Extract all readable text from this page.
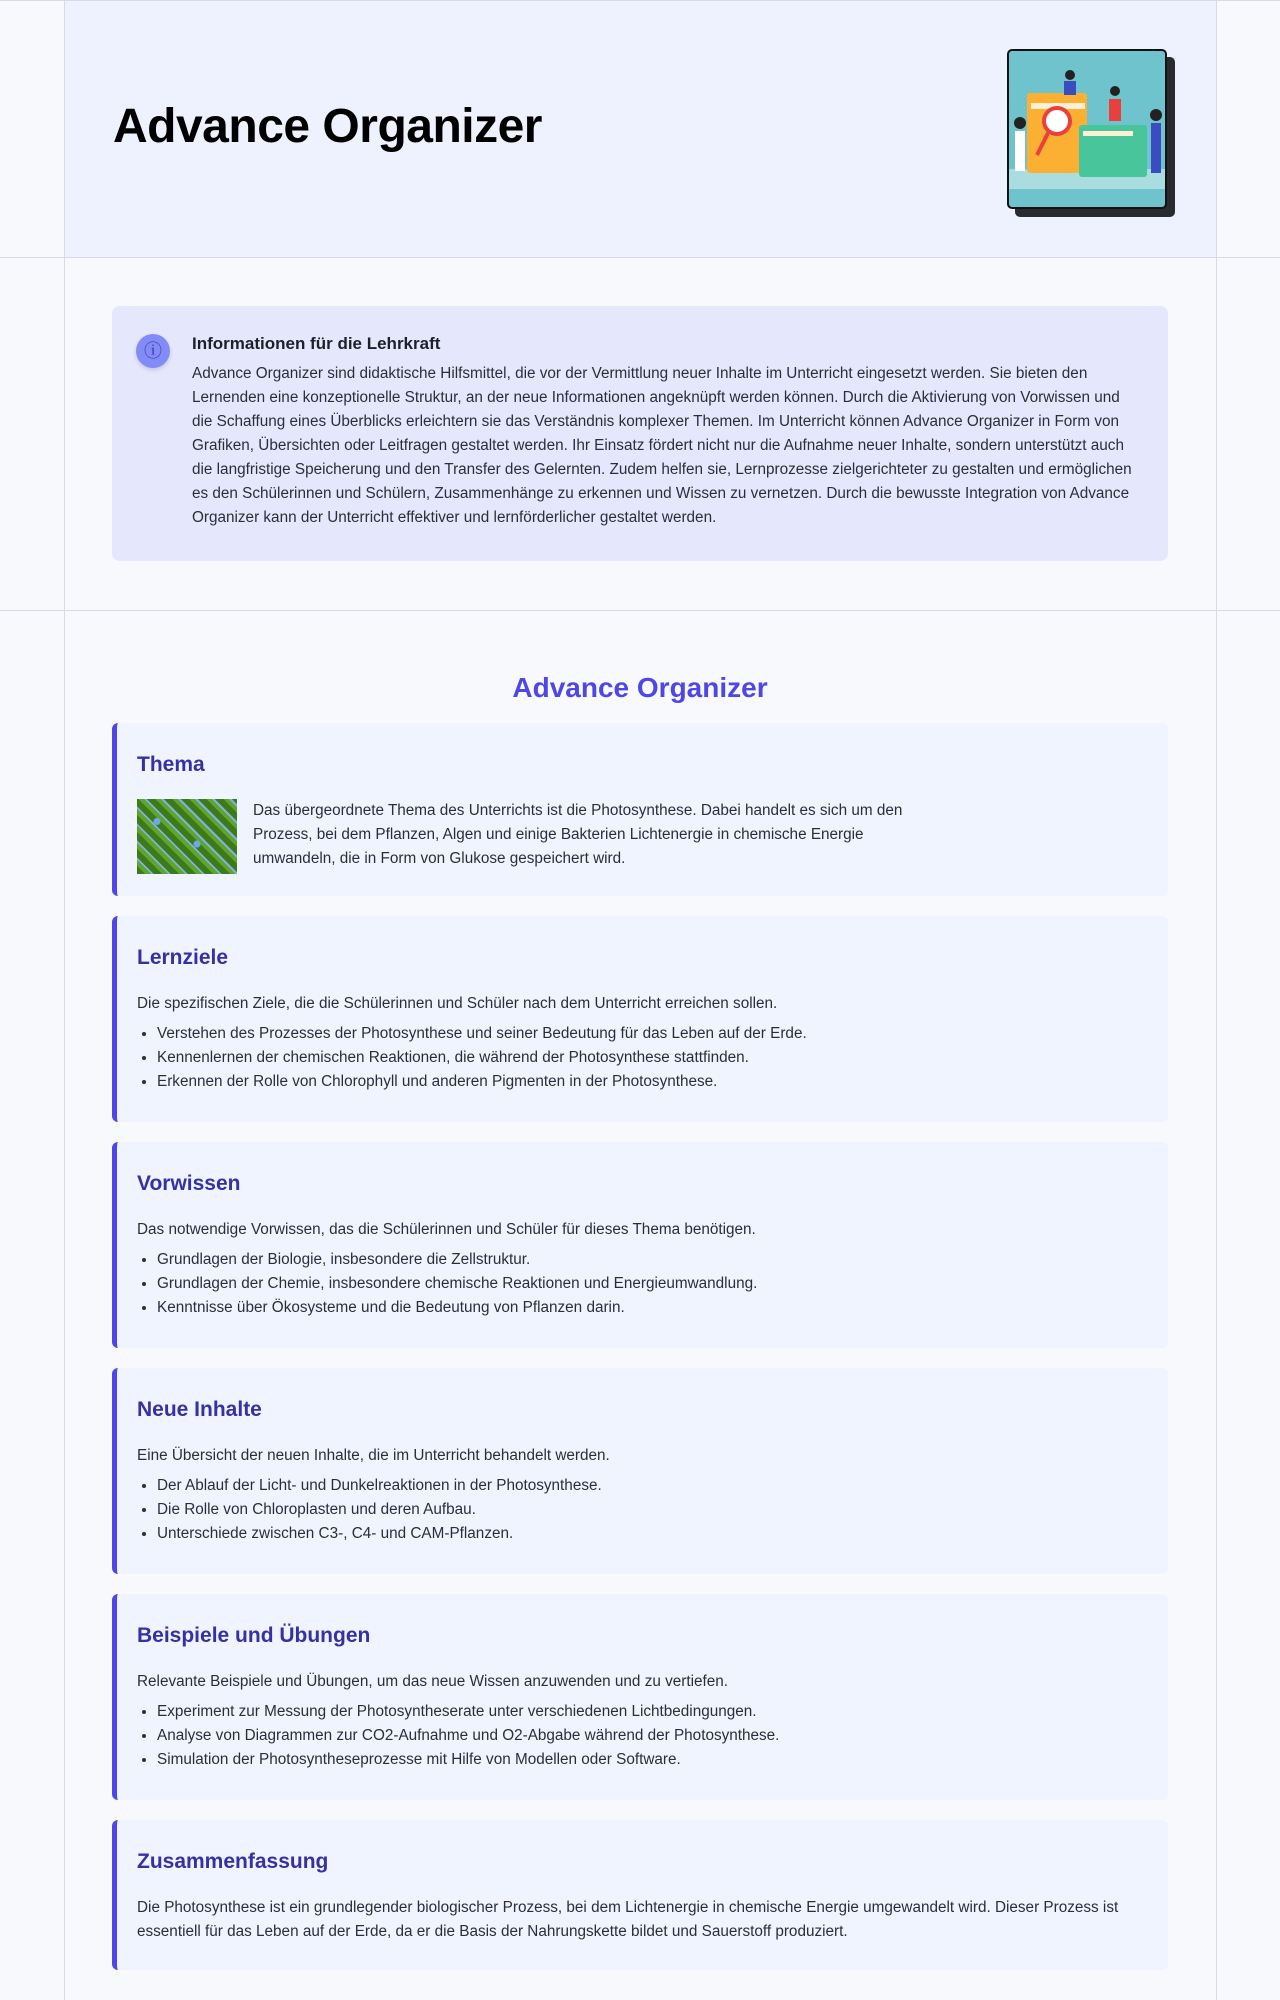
Advance Organizer
ⓘ	Informationen für die Lehrkraft

Advance Organizer sind didaktische Hilfsmittel, die vor der Vermittlung neuer Inhalte im Unterricht eingesetzt werden. Sie bieten den Lernenden eine konzeptionelle Struktur, an der neue Informationen angeknüpft werden können. Durch die Aktivierung von Vorwissen und die Schaffung eines Überblicks erleichtern sie das Verständnis komplexer Themen. Im Unterricht können Advance Organizer in Form von Grafiken, Übersichten oder Leitfragen gestaltet werden. Ihr Einsatz fördert nicht nur die Aufnahme neuer Inhalte, sondern unterstützt auch die langfristige Speicherung und den Transfer des Gelernten. Zudem helfen sie, Lernprozesse zielgerichteter zu gestalten und ermöglichen es den Schülerinnen und Schülern, Zusammenhänge zu erkennen und Wissen zu vernetzen. Durch die bewusste Integration von Advance Organizer kann der Unterricht effektiver und lernförderlicher gestaltet werden.

Advance Organizer
Thema

Das übergeordnete Thema des Unterrichts ist die Photosynthese. Dabei handelt es sich um den Prozess, bei dem Pflanzen, Algen und einige Bakterien Lichtenergie in chemische Energie umwandeln, die in Form von Glukose gespeichert wird.

Lernziele

Die spezifischen Ziele, die die Schülerinnen und Schüler nach dem Unterricht erreichen sollen.

• Verstehen des Prozesses der Photosynthese und seiner Bedeutung für das Leben auf der Erde.
• Kennenlernen der chemischen Reaktionen, die während der Photosynthese stattfinden.
• Erkennen der Rolle von Chlorophyll und anderen Pigmenten in der Photosynthese.
Vorwissen

Das notwendige Vorwissen, das die Schülerinnen und Schüler für dieses Thema benötigen.

• Grundlagen der Biologie, insbesondere die Zellstruktur.
• Grundlagen der Chemie, insbesondere chemische Reaktionen und Energieumwandlung.
• Kenntnisse über Ökosysteme und die Bedeutung von Pflanzen darin.
Neue Inhalte

Eine Übersicht der neuen Inhalte, die im Unterricht behandelt werden.

• Der Ablauf der Licht- und Dunkelreaktionen in der Photosynthese.
• Die Rolle von Chloroplasten und deren Aufbau.
• Unterschiede zwischen C3-, C4- und CAM-Pflanzen.
Beispiele und Übungen

Relevante Beispiele und Übungen, um das neue Wissen anzuwenden und zu vertiefen.

• Experiment zur Messung der Photosyntheserate unter verschiedenen Lichtbedingungen.
• Analyse von Diagrammen zur CO2-Aufnahme und O2-Abgabe während der Photosynthese.
• Simulation der Photosyntheseprozesse mit Hilfe von Modellen oder Software.
Zusammenfassung

Die Photosynthese ist ein grundlegender biologischer Prozess, bei dem Lichtenergie in chemische Energie umgewandelt wird. Dieser Prozess ist essentiell für das Leben auf der Erde, da er die Basis der Nahrungskette bildet und Sauerstoff produziert.
